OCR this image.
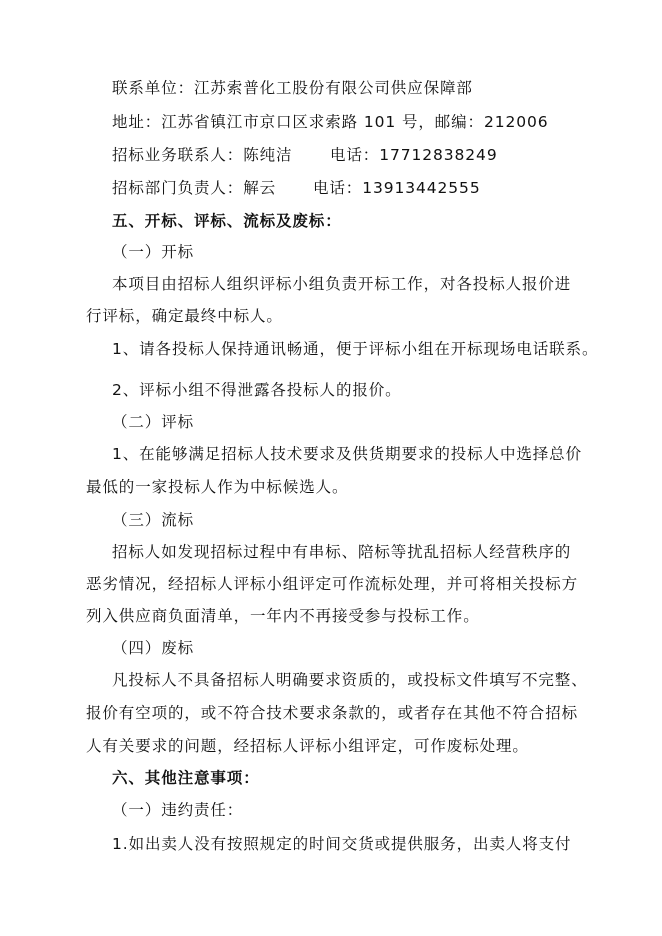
联系单位：江苏索普化工股份有限公司供应保障部
地址：江苏省镇江市京口区求索路 101 号，邮编：212006
招标业务联系人：陈纯洁 电话：17712838249
招标部门负责人：解云 电话：13913442555
五、开标、评标、流标及废标：
（一）开标
本项目由招标人组织评标小组负责开标工作，对各投标人报价进
行评标，确定最终中标人。
1、请各投标人保持通讯畅通，便于评标小组在开标现场电话联系。
2、评标小组不得泄露各投标人的报价。
（二）评标
1、在能够满足招标人技术要求及供货期要求的投标人中选择总价
最低的一家投标人作为中标候选人。
（三）流标
招标人如发现招标过程中有串标、陪标等扰乱招标人经营秩序的
恶劣情况，经招标人评标小组评定可作流标处理，并可将相关投标方
列入供应商负面清单，一年内不再接受参与投标工作。
（四）废标
凡投标人不具备招标人明确要求资质的，或投标文件填写不完整、
报价有空项的，或不符合技术要求条款的，或者存在其他不符合招标
人有关要求的问题，经招标人评标小组评定，可作废标处理。
六、其他注意事项：
（一）违约责任：
1.如出卖人没有按照规定的时间交货或提供服务，出卖人将支付
